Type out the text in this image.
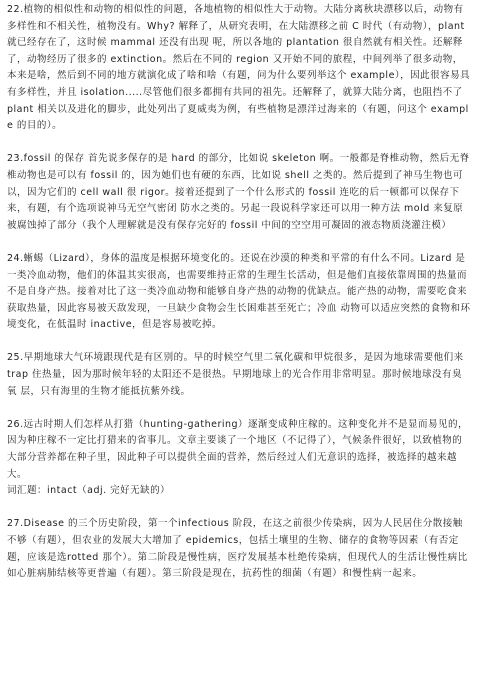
22.植物的相似性和动物的相似性的问题，各地植物的相似性大于动物。大陆分离秋块漂移以后，动物有多样性和不相关性，植物没有。Why? 解释了，从研究表明，在大陆漂移之前 C 时代（有动物），plant 就已经存在了，这时候 mammal 还没有出现 呢，所以各地的 plantation 很自然就有相关性。还解释了，动物经历了很多的 extinction。然后在不同的 region 又开始不同的旅程，中间列举了很多动物，本来是啥，然后到不同的地方就演化成了啥和啥（有题，问为什么要列举这个 example），因此很容易具有多样性，并且 isolation.....尽管他们很多都拥有共同的祖先。还解释了，就算大陆分离，也阻挡不了 plant 相关以及进化的脚步，此处列出了夏威夷为例，有些植物是漂洋过海来的（有题，问这个 example 的目的）。

23.fossil 的保存 首先说多保存的是 hard 的部分，比如说 skeleton 啊。一般都是脊椎动物，然后无脊椎动物也是可以有 fossil 的，因为她们也有硬的东西，比如说 shell 之类的。然后提到了神马生物也可以，因为它们的 cell wall 很 rigor。接着还提到了一个什么形式的 fossil 连吃的后一顿都可以保存下来，有题，有个选项说神马无空气密闭 防水之类的。另起一段说科学家还可以用一种方法 mold 来复原被腐蚀掉了部分（我个人理解就是没有保存完好的 fossil 中间的空空用可凝固的液态物质浇灌注模）

24.蜥蜴（Lizard），身体的温度是根据环境变化的。还说在沙漠的种类和平常的有什么不同。Lizard 是一类冷血动物，他们的体温其实很高，也需要维持正常的生理生长活动，但是他们直接依靠周围的热量而不是自身产热。接着对比了这一类冷血动物和能够自身产热的动物的优缺点。能产热的动物，需要吃食来获取热量，因此容易被天敌发现，一旦缺少食物会生长困难甚至死亡；冷血 动物可以适应突然的食物和环境变化，在低温时 inactive，但是容易被吃掉。

25.早期地球大气环境跟现代是有区别的。早的时候空气里二氧化碳和甲烷很多，是因为地球需要他们来 trap 住热量，因为那时候年轻的太阳还不是很热。早期地球上的光合作用非常明显。那时候地球没有臭氧 层，只有海里的生物才能抵抗紫外线。

26.远古时期人们怎样从打猎（hunting-gathering）逐渐变成种庄稼的。这种变化并不是显而易见的，因为种庄稼不一定比打猎来的省事儿。文章主要谈了一个地区（不记得了），气候条件很好，以致植物的大部分营养都在种子里，因此种子可以提供全面的营养，然后经过人们无意识的选择，被选择的越来越大。

词汇题：intact（adj. 完好无缺的）

27.Disease 的三个历史阶段，第一个infectious 阶段，在这之前很少传染病，因为人民居住分散接触不够（有题），但农业的发展大大增加了 epidemics，包括土壤里的生物、储存的食物等因素（有否定题，应该是选rotted 那个）。第二阶段是慢性病，医疗发展基本杜绝传染病，但现代人的生活让慢性病比如心脏病肺结核等更普遍（有题）。第三阶段是现在，抗药性的细菌（有题）和慢性病一起来。
